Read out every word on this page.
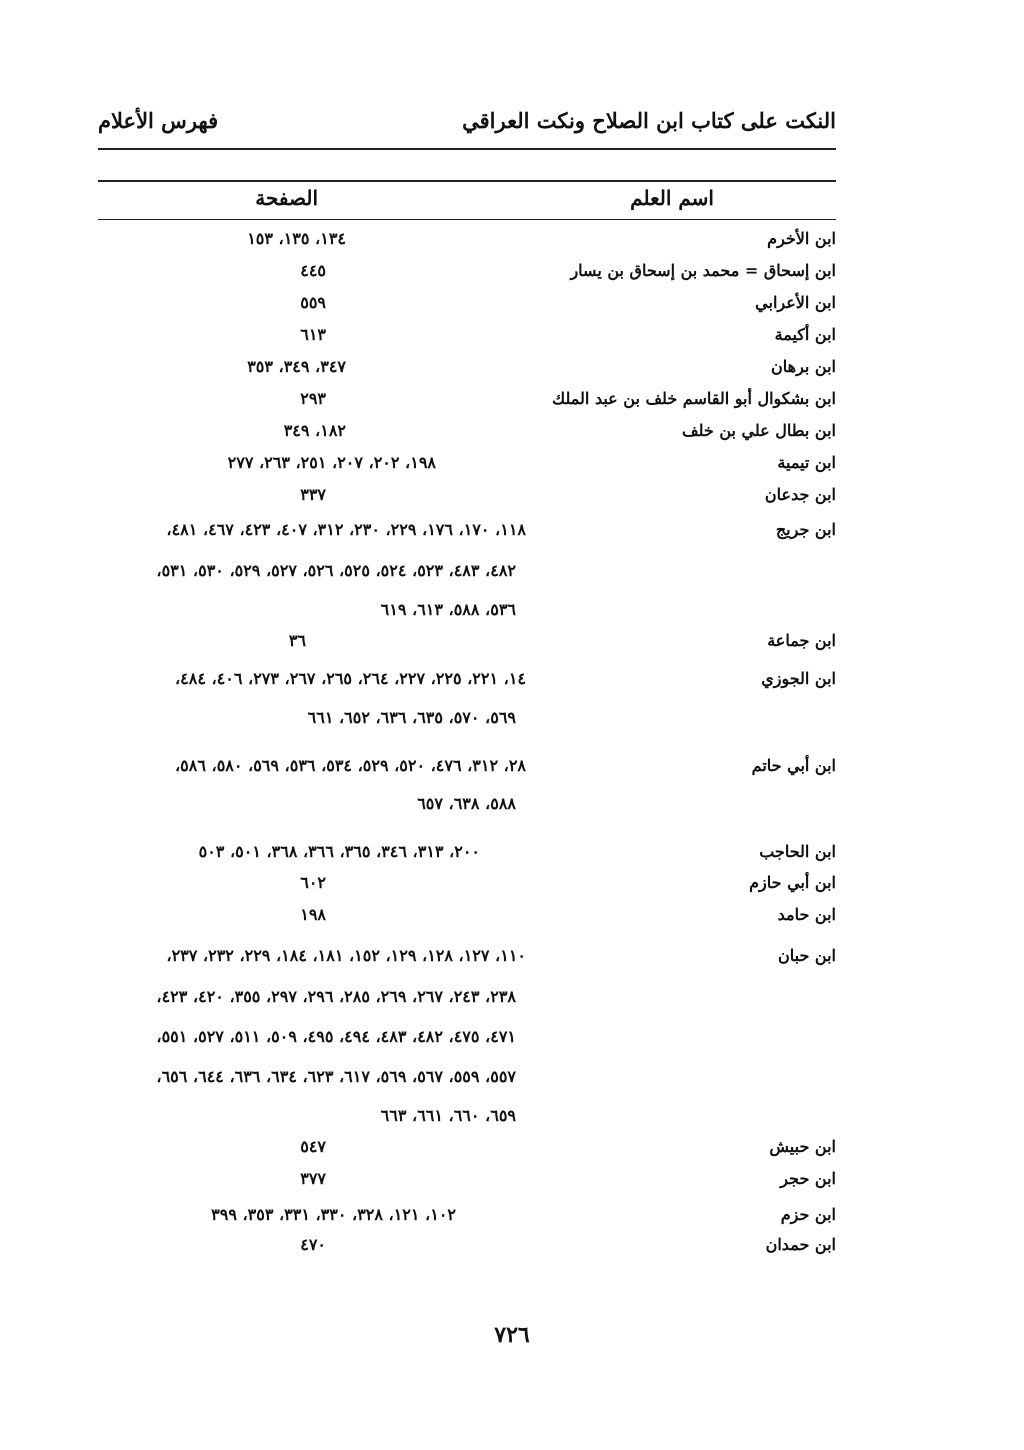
النكت على كتاب ابن الصلاح ونكت العراقي
فهرس الأعلام
اسم العلم
الصفحة
ابن الأخرم
١٣٤، ١٣٥، ١٥٣
ابن إسحاق = محمد بن إسحاق بن يسار
٤٤٥
ابن الأعرابي
٥٥٩
ابن أكيمة
٦١٣
ابن برهان
٣٤٧، ٣٤٩، ٣٥٣
ابن بشكوال أبو القاسم خلف بن عبد الملك
٢٩٣
ابن بطال علي بن خلف
١٨٢، ٣٤٩
ابن تيمية
١٩٨، ٢٠٢، ٢٠٧، ٢٥١، ٢٦٣، ٢٧٧
ابن جدعان
٣٣٧
ابن جريج
١١٨، ١٧٠، ١٧٦، ٢٢٩، ٢٣٠، ٣١٢، ٤٠٧، ٤٢٣، ٤٦٧، ٤٨١،
٤٨٢، ٤٨٣، ٥٢٣، ٥٢٤، ٥٢٥، ٥٢٦، ٥٢٧، ٥٢٩، ٥٣٠، ٥٣١،
٥٣٦، ٥٨٨، ٦١٣، ٦١٩
ابن جماعة
٣٦
ابن الجوزي
١٤، ٢٢١، ٢٢٥، ٢٢٧، ٢٦٤، ٢٦٥، ٢٦٧، ٢٧٣، ٤٠٦، ٤٨٤،
٥٦٩، ٥٧٠، ٦٣٥، ٦٣٦، ٦٥٢، ٦٦١
ابن أبي حاتم
٢٨، ٣١٢، ٤٧٦، ٥٢٠، ٥٢٩، ٥٣٤، ٥٣٦، ٥٦٩، ٥٨٠، ٥٨٦،
٥٨٨، ٦٣٨، ٦٥٧
ابن الحاجب
٢٠٠، ٣١٣، ٣٤٦، ٣٦٥، ٣٦٦، ٣٦٨، ٥٠١، ٥٠٣
ابن أبي حازم
٦٠٢
ابن حامد
١٩٨
ابن حبان
١١٠، ١٢٧، ١٢٨، ١٢٩، ١٥٢، ١٨١، ١٨٤، ٢٢٩، ٢٣٢، ٢٣٧،
٢٣٨، ٢٤٣، ٢٦٧، ٢٦٩، ٢٨٥، ٢٩٦، ٢٩٧، ٣٥٥، ٤٢٠، ٤٢٣،
٤٧١، ٤٧٥، ٤٨٢، ٤٨٣، ٤٩٤، ٤٩٥، ٥٠٩، ٥١١، ٥٢٧، ٥٥١،
٥٥٧، ٥٥٩، ٥٦٧، ٥٦٩، ٦١٧، ٦٢٣، ٦٣٤، ٦٣٦، ٦٤٤، ٦٥٦،
٦٥٩، ٦٦٠، ٦٦١، ٦٦٣
ابن حبيش
٥٤٧
ابن حجر
٣٧٧
ابن حزم
١٠٢، ١٢١، ٣٢٨، ٣٣٠، ٣٣١، ٣٥٣، ٣٩٩
ابن حمدان
٤٧٠
٧٢٦
